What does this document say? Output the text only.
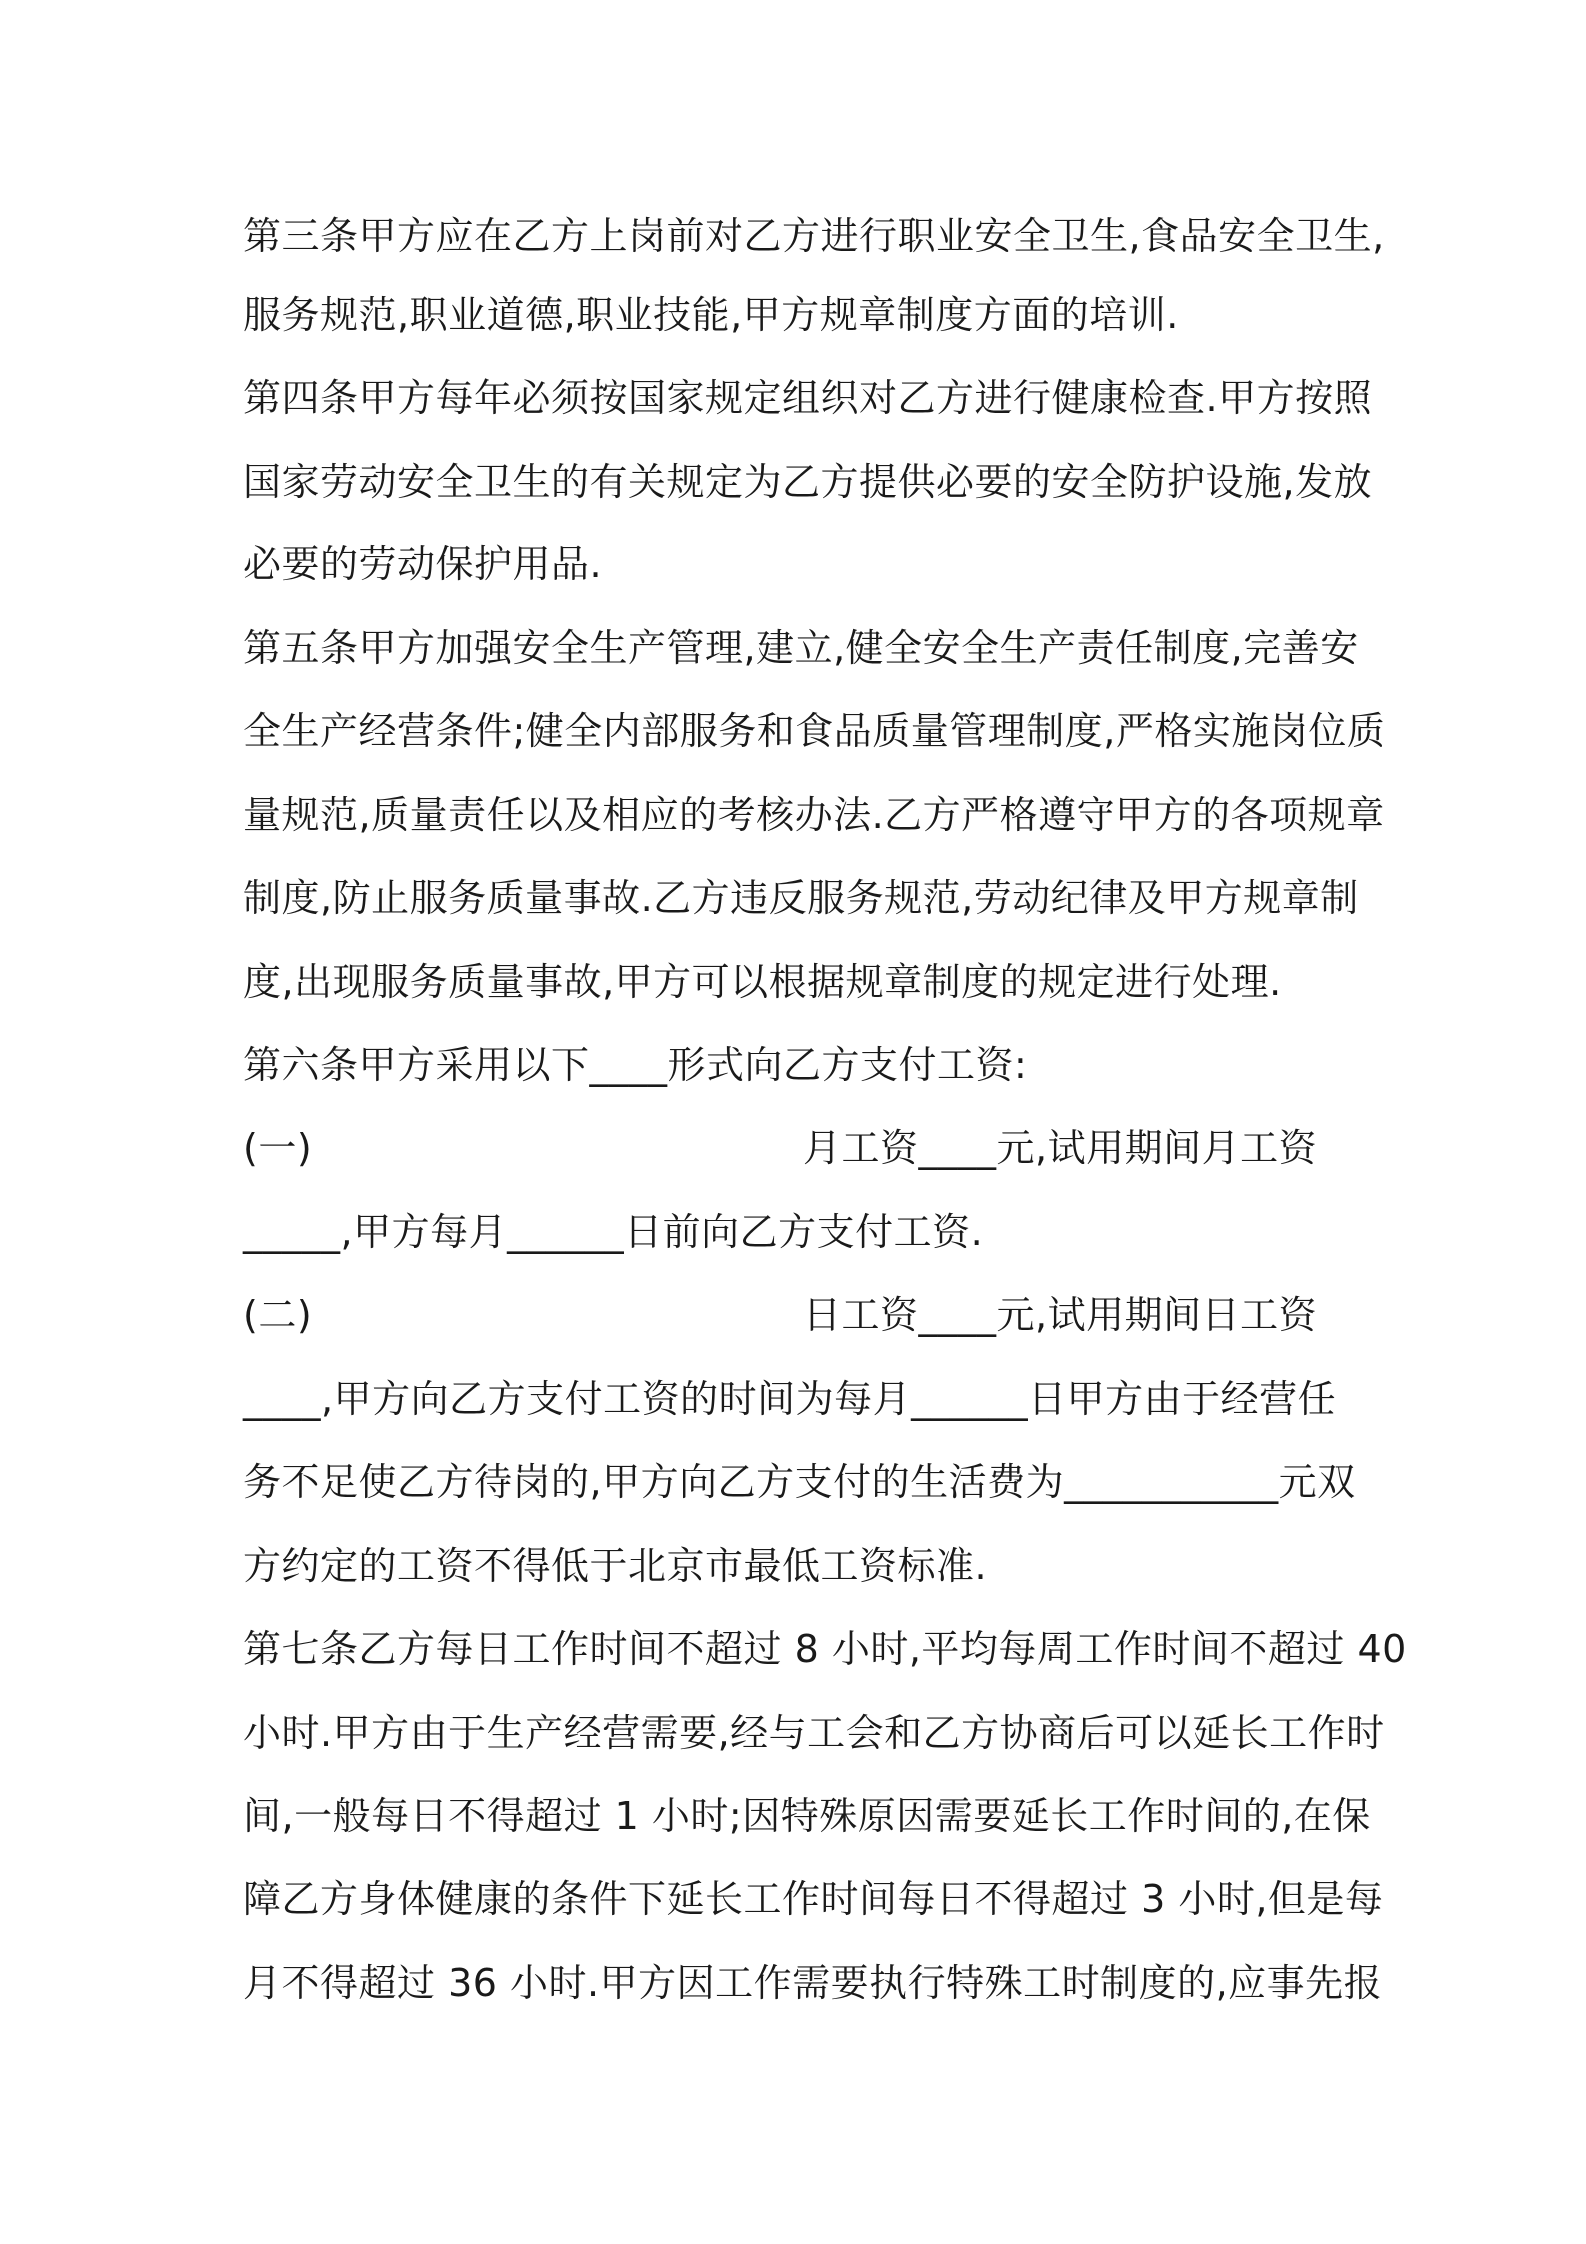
第三条甲方应在乙方上岗前对乙方进行职业安全卫生,食品安全卫生,
服务规范,职业道德,职业技能,甲方规章制度方面的培训.
第四条甲方每年必须按国家规定组织对乙方进行健康检查.甲方按照
国家劳动安全卫生的有关规定为乙方提供必要的安全防护设施,发放
必要的劳动保护用品.
第五条甲方加强安全生产管理,建立,健全安全生产责任制度,完善安
全生产经营条件;健全内部服务和食品质量管理制度,严格实施岗位质
量规范,质量责任以及相应的考核办法.乙方严格遵守甲方的各项规章
制度,防止服务质量事故.乙方违反服务规范,劳动纪律及甲方规章制
度,出现服务质量事故,甲方可以根据规章制度的规定进行处理.
第六条甲方采用以下____形式向乙方支付工资:
(一)	月工资____元,试用期间月工资
_____,甲方每月______日前向乙方支付工资.
(二)	日工资____元,试用期间日工资
____,甲方向乙方支付工资的时间为每月______日甲方由于经营任
务不足使乙方待岗的,甲方向乙方支付的生活费为___________元双
方约定的工资不得低于北京市最低工资标准.
第七条乙方每日工作时间不超过 8 小时,平均每周工作时间不超过 40
小时.甲方由于生产经营需要,经与工会和乙方协商后可以延长工作时
间,一般每日不得超过 1 小时;因特殊原因需要延长工作时间的,在保
障乙方身体健康的条件下延长工作时间每日不得超过 3 小时,但是每
月不得超过 36 小时.甲方因工作需要执行特殊工时制度的,应事先报
